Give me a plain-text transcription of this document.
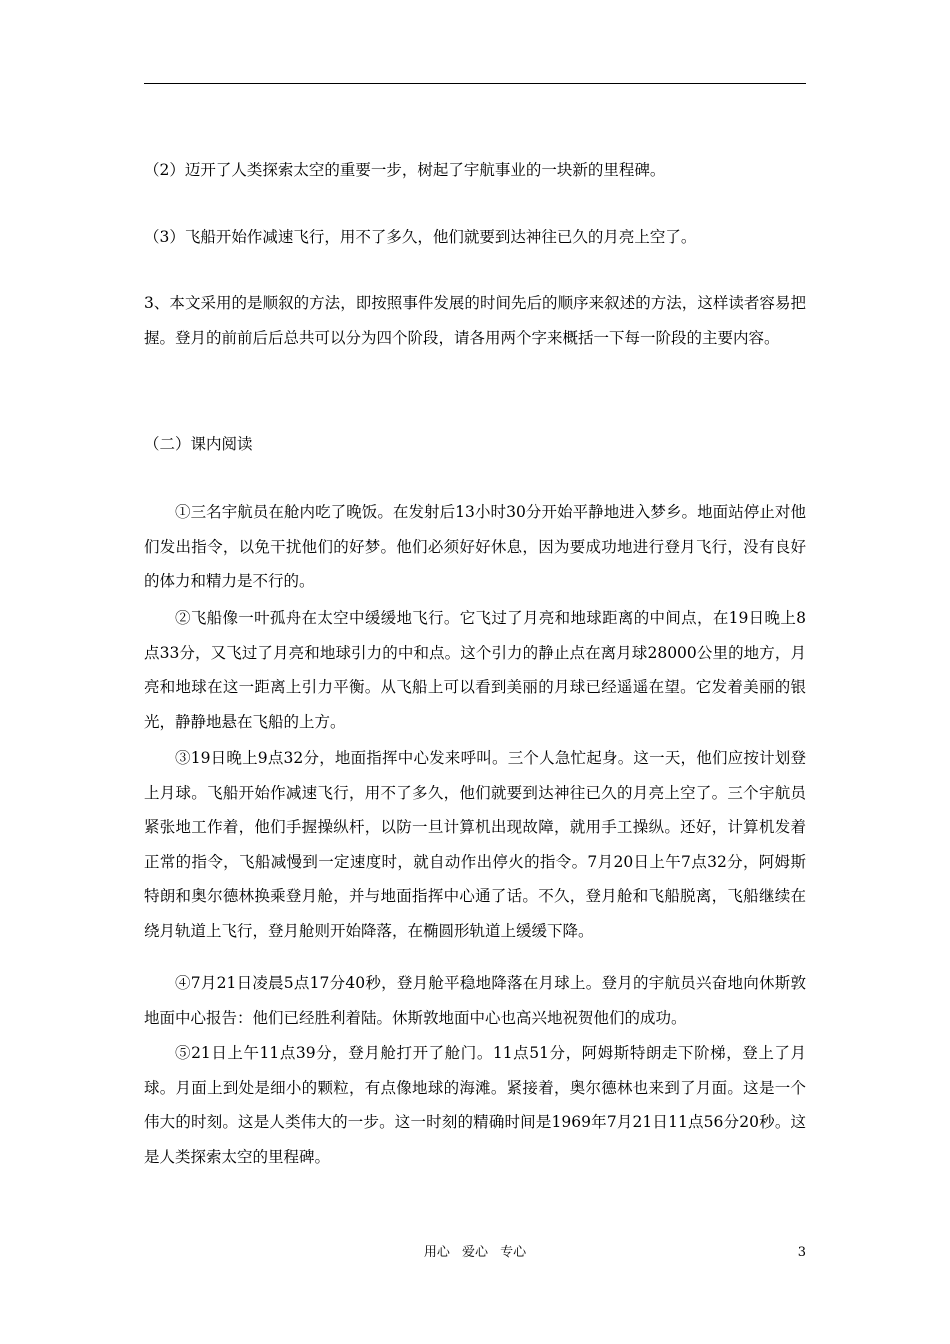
（2）迈开了人类探索太空的重要一步，树起了宇航事业的一块新的里程碑。
（3）飞船开始作减速飞行，用不了多久，他们就要到达神往已久的月亮上空了。

3、本文采用的是顺叙的方法，即按照事件发展的时间先后的顺序来叙述的方法，这样读者容易把握。登月的前前后后总共可以分为四个阶段，请各用两个字来概括一下每一阶段的主要内容。

（二）课内阅读

①三名宇航员在舱内吃了晚饭。在发射后13小时30分开始平静地进入梦乡。地面站停止对他们发出指令，以免干扰他们的好梦。他们必须好好休息，因为要成功地进行登月飞行，没有良好的体力和精力是不行的。

②飞船像一叶孤舟在太空中缓缓地飞行。它飞过了月亮和地球距离的中间点，在19日晚上8点33分，又飞过了月亮和地球引力的中和点。这个引力的静止点在离月球28000公里的地方，月亮和地球在这一距离上引力平衡。从飞船上可以看到美丽的月球已经遥遥在望。它发着美丽的银光，静静地悬在飞船的上方。

③19日晚上9点32分，地面指挥中心发来呼叫。三个人急忙起身。这一天，他们应按计划登上月球。飞船开始作减速飞行，用不了多久，他们就要到达神往已久的月亮上空了。三个宇航员紧张地工作着，他们手握操纵杆，以防一旦计算机出现故障，就用手工操纵。还好，计算机发着正常的指令，飞船减慢到一定速度时，就自动作出停火的指令。7月20日上午7点32分，阿姆斯特朗和奥尔德林换乘登月舱，并与地面指挥中心通了话。不久，登月舱和飞船脱离，飞船继续在绕月轨道上飞行，登月舱则开始降落，在椭圆形轨道上缓缓下降。

④7月21日凌晨5点17分40秒，登月舱平稳地降落在月球上。登月的宇航员兴奋地向休斯敦地面中心报告：他们已经胜利着陆。休斯敦地面中心也高兴地祝贺他们的成功。

⑤21日上午11点39分，登月舱打开了舱门。11点51分，阿姆斯特朗走下阶梯，登上了月球。月面上到处是细小的颗粒，有点像地球的海滩。紧接着，奥尔德林也来到了月面。这是一个伟大的时刻。这是人类伟大的一步。这一时刻的精确时间是1969年7月21日11点56分20秒。这是人类探索太空的里程碑。

用心 爱心 专心	3
